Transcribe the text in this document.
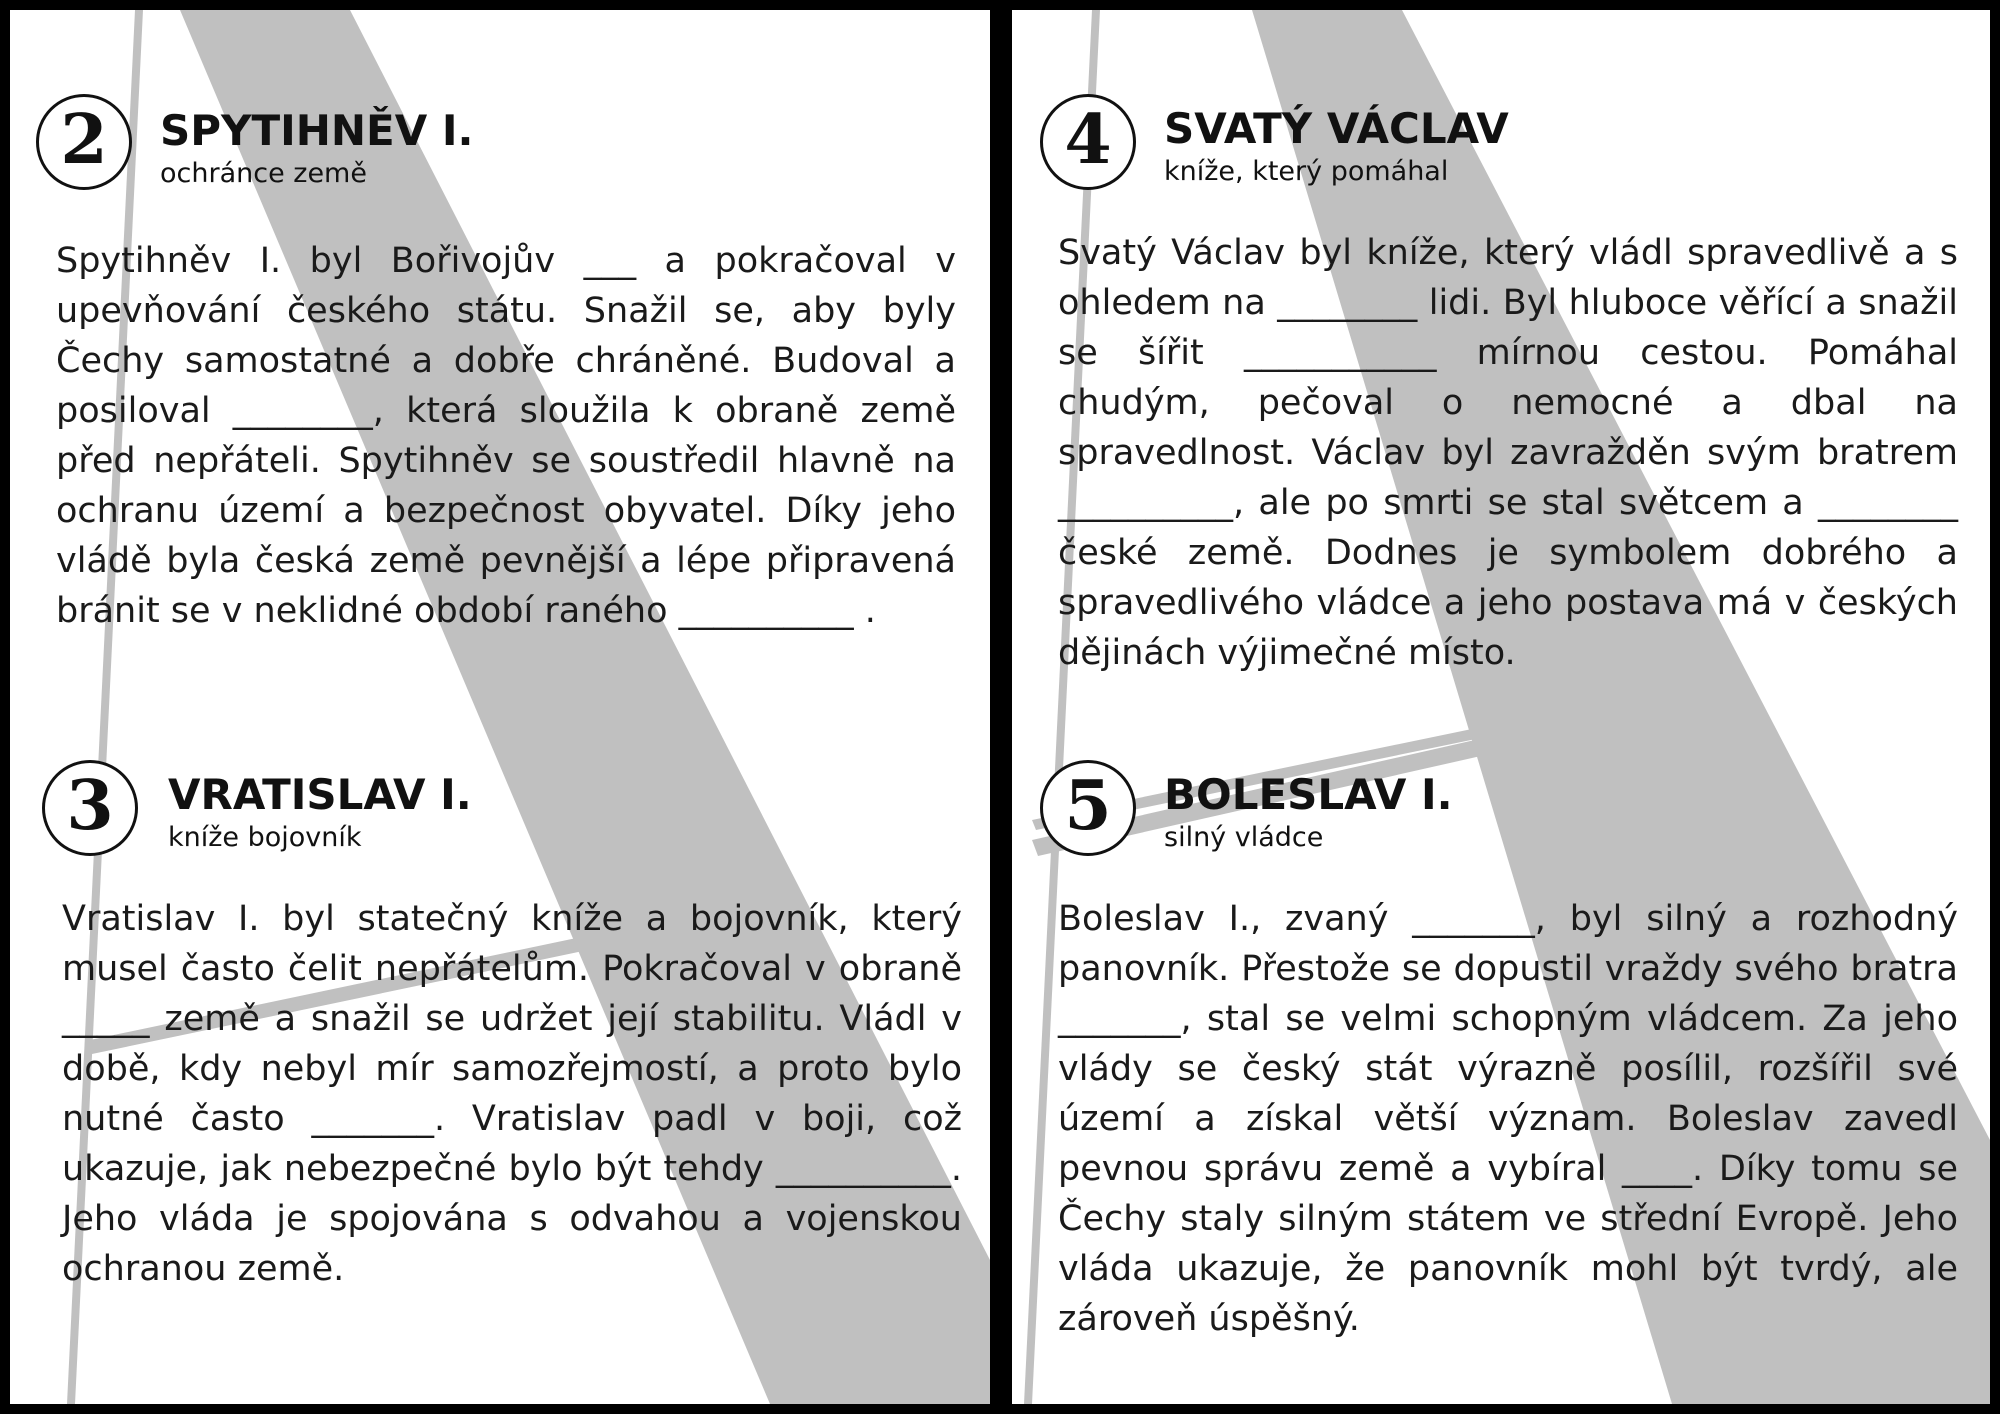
2 SPYTIHNĚV I.
ochránce země
Spytihněv I. byl Bořivojův ___ a pokračoval v upevňování českého státu. Snažil se, aby byly Čechy samostatné a dobře chráněné. Budoval a posiloval ________, která sloužila k obraně země před nepřáteli. Spytihněv se soustředil hlavně na ochranu území a bezpečnost obyvatel. Díky jeho vládě byla česká země pevnější a lépe připravená bránit se v neklidné období raného __________ .
3 VRATISLAV I.
kníže bojovník
Vratislav I. byl statečný kníže a bojovník, který musel často čelit nepřátelům. Pokračoval v obraně _____ země a snažil se udržet její stabilitu. Vládl v době, kdy nebyl mír samozřejmostí, a proto bylo nutné často _______. Vratislav padl v boji, což ukazuje, jak nebezpečné bylo být tehdy __________. Jeho vláda je spojována s odvahou a vojenskou ochranou země.
4 SVATÝ VÁCLAV
kníže, který pomáhal
Svatý Václav byl kníže, který vládl spravedlivě a s ohledem na ________ lidi. Byl hluboce věřící a snažil se šířit ___________ mírnou cestou. Pomáhal chudým, pečoval o nemocné a dbal na spravedlnost. Václav byl zavražděn svým bratrem __________, ale po smrti se stal světcem a ________ české země. Dodnes je symbolem dobrého a spravedlivého vládce a jeho postava má v českých dějinách výjimečné místo.
5 BOLESLAV I.
silný vládce
Boleslav I., zvaný _______, byl silný a rozhodný panovník. Přestože se dopustil vraždy svého bratra _______, stal se velmi schopným vládcem. Za jeho vlády se český stát výrazně posílil, rozšířil své území a získal větší význam. Boleslav zavedl pevnou správu země a vybíral ____. Díky tomu se Čechy staly silným státem ve střední Evropě. Jeho vláda ukazuje, že panovník mohl být tvrdý, ale zároveň úspěšný.
